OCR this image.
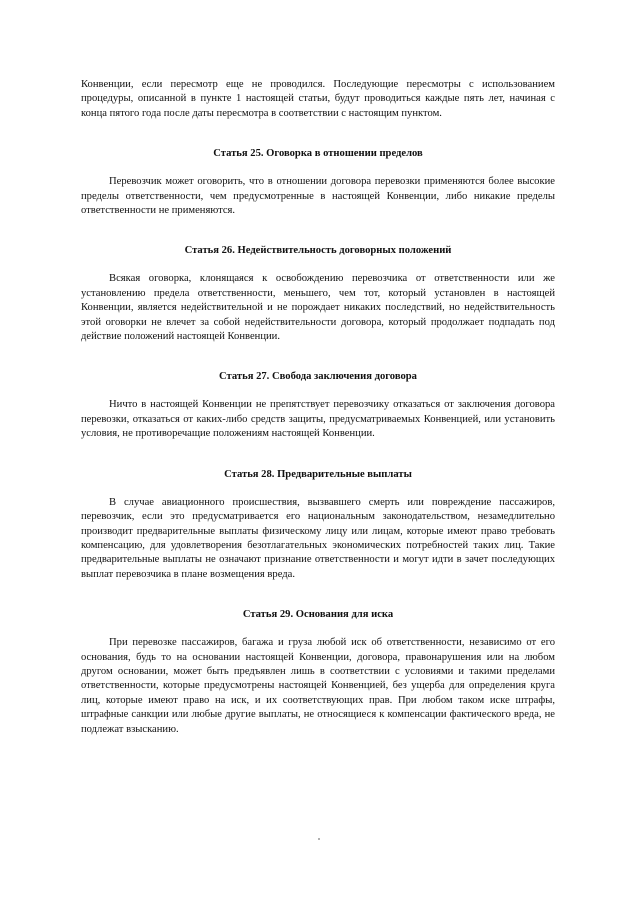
Конвенции, если пересмотр еще не проводился. Последующие пересмотры с использованием процедуры, описанной в пункте 1 настоящей статьи, будут проводиться каждые пять лет, начиная с конца пятого года после даты пересмотра в соответствии с настоящим пунктом.

Статья 25. Оговорка в отношении пределов

Перевозчик может оговорить, что в отношении договора перевозки применяются более высокие пределы ответственности, чем предусмотренные в настоящей Конвенции, либо никакие пределы ответственности не применяются.

Статья 26. Недействительность договорных положений

Всякая оговорка, клонящаяся к освобождению перевозчика от ответственности или же установлению предела ответственности, меньшего, чем тот, который установлен в настоящей Конвенции, является недействительной и не порождает никаких последствий, но недействительность этой оговорки не влечет за собой недействительности договора, который продолжает подпадать под действие положений настоящей Конвенции.

Статья 27. Свобода заключения договора

Ничто в настоящей Конвенции не препятствует перевозчику отказаться от заключения договора перевозки, отказаться от каких-либо средств защиты, предусматриваемых Конвенцией, или установить условия, не противоречащие положениям настоящей Конвенции.

Статья 28. Предварительные выплаты

В случае авиационного происшествия, вызвавшего смерть или повреждение пассажиров, перевозчик, если это предусматривается его национальным законодательством, незамедлительно производит предварительные выплаты физическому лицу или лицам, которые имеют право требовать компенсацию, для удовлетворения безотлагательных экономических потребностей таких лиц. Такие предварительные выплаты не означают признание ответственности и могут идти в зачет последующих выплат перевозчика в плане возмещения вреда.

Статья 29. Основания для иска

При перевозке пассажиров, багажа и груза любой иск об ответственности, независимо от его основания, будь то на основании настоящей Конвенции, договора, правонарушения или на любом другом основании, может быть предъявлен лишь в соответствии с условиями и такими пределами ответственности, которые предусмотрены настоящей Конвенцией, без ущерба для определения круга лиц, которые имеют право на иск, и их соответствующих прав. При любом таком иске штрафы, штрафные санкции или любые другие выплаты, не относящиеся к компенсации фактического вреда, не подлежат взысканию.
